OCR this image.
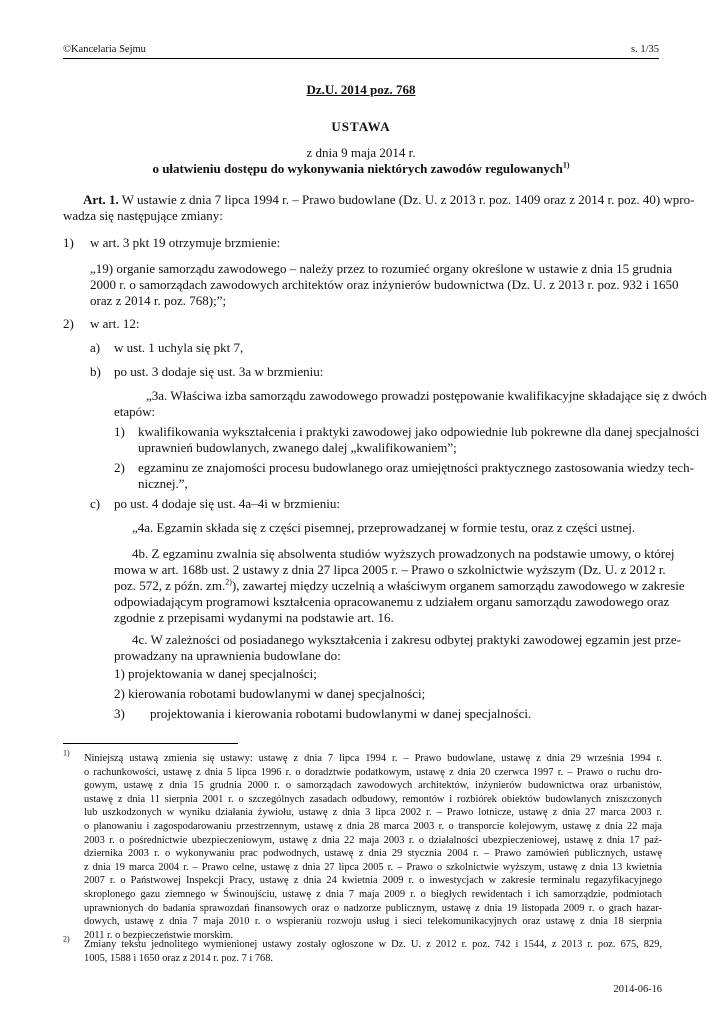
©Kancelaria Sejmu	s. 1/35
Dz.U. 2014 poz. 768
USTAWA
z dnia 9 maja 2014 r.
o ułatwieniu dostępu do wykonywania niektórych zawodów regulowanych$^{1)}$
Art. 1. W ustawie z dnia 7 lipca 1994 r. – Prawo budowlane (Dz. U. z 2013 r. poz. 1409 oraz z 2014 r. poz. 40) wpro-
wadza się następujące zmiany:
1) w art. 3 pkt 19 otrzymuje brzmienie:
„19) organie samorządu zawodowego – należy przez to rozumieć organy określone w ustawie z dnia 15 grudnia
2000 r. o samorządach zawodowych architektów oraz inżynierów budownictwa (Dz. U. z 2013 r. poz. 932 i 1650
oraz z 2014 r. poz. 768);”;
2) w art. 12:
a) w ust. 1 uchyla się pkt 7,
b) po ust. 3 dodaje się ust. 3a w brzmieniu:
„3a. Właściwa izba samorządu zawodowego prowadzi postępowanie kwalifikacyjne składające się z dwóch
etapów:
1) kwalifikowania wykształcenia i praktyki zawodowej jako odpowiednie lub pokrewne dla danej specjalności
uprawnień budowlanych, zwanego dalej „kwalifikowaniem”;
2) egzaminu ze znajomości procesu budowlanego oraz umiejętności praktycznego zastosowania wiedzy tech-
nicznej.”,
c) po ust. 4 dodaje się ust. 4a–4i w brzmieniu:
„4a. Egzamin składa się z części pisemnej, przeprowadzanej w formie testu, oraz z części ustnej.
4b. Z egzaminu zwalnia się absolwenta studiów wyższych prowadzonych na podstawie umowy, o której
mowa w art. 168b ust. 2 ustawy z dnia 27 lipca 2005 r. – Prawo o szkolnictwie wyższym (Dz. U. z 2012 r.
poz. 572, z późn. zm.$^{2)}$), zawartej między uczelnią a właściwym organem samorządu zawodowego w zakresie
odpowiadającym programowi kształcenia opracowanemu z udziałem organu samorządu zawodowego oraz
zgodnie z przepisami wydanymi na podstawie art. 16.
4c. W zależności od posiadanego wykształcenia i zakresu odbytej praktyki zawodowej egzamin jest prze-
prowadzany na uprawnienia budowlane do:
1) projektowania w danej specjalności;
2) kierowania robotami budowlanymi w danej specjalności;
3) projektowania i kierowania robotami budowlanymi w danej specjalności.
$^{1)}$ Niniejszą ustawą zmienia się ustawy: ustawę z dnia 7 lipca 1994 r. – Prawo budowlane, ustawę z dnia 29 września 1994 r.
o rachunkowości, ustawę z dnia 5 lipca 1996 r. o doradztwie podatkowym, ustawę z dnia 20 czerwca 1997 r. – Prawo o ruchu dro-
gowym, ustawę z dnia 15 grudnia 2000 r. o samorządach zawodowych architektów, inżynierów budownictwa oraz urbanistów,
ustawę z dnia 11 sierpnia 2001 r. o szczególnych zasadach odbudowy, remontów i rozbiórek obiektów budowlanych zniszczonych
lub uszkodzonych w wyniku działania żywiołu, ustawę z dnia 3 lipca 2002 r. – Prawo lotnicze, ustawę z dnia 27 marca 2003 r.
o planowaniu i zagospodarowaniu przestrzennym, ustawę z dnia 28 marca 2003 r. o transporcie kolejowym, ustawę z dnia 22 maja
2003 r. o pośrednictwie ubezpieczeniowym, ustawę z dnia 22 maja 2003 r. o działalności ubezpieczeniowej, ustawę z dnia 17 paź-
dziernika 2003 r. o wykonywaniu prac podwodnych, ustawę z dnia 29 stycznia 2004 r. – Prawo zamówień publicznych, ustawę
z dnia 19 marca 2004 r. – Prawo celne, ustawę z dnia 27 lipca 2005 r. – Prawo o szkolnictwie wyższym, ustawę z dnia 13 kwietnia
2007 r. o Państwowej Inspekcji Pracy, ustawę z dnia 24 kwietnia 2009 r. o inwestycjach w zakresie terminalu regazyfikacyjnego
skroplonego gazu ziemnego w Świnoujściu, ustawę z dnia 7 maja 2009 r. o biegłych rewidentach i ich samorządzie, podmiotach
uprawnionych do badania sprawozdań finansowych oraz o nadzorze publicznym, ustawę z dnia 19 listopada 2009 r. o grach hazar-
dowych, ustawę z dnia 7 maja 2010 r. o wspieraniu rozwoju usług i sieci telekomunikacyjnych oraz ustawę z dnia 18 sierpnia
2011 r. o bezpieczeństwie morskim.
$^{2)}$ Zmiany tekstu jednolitego wymienionej ustawy zostały ogłoszone w Dz. U. z 2012 r. poz. 742 i 1544, z 2013 r. poz. 675, 829,
1005, 1588 i 1650 oraz z 2014 r. poz. 7 i 768.
2014-06-16
